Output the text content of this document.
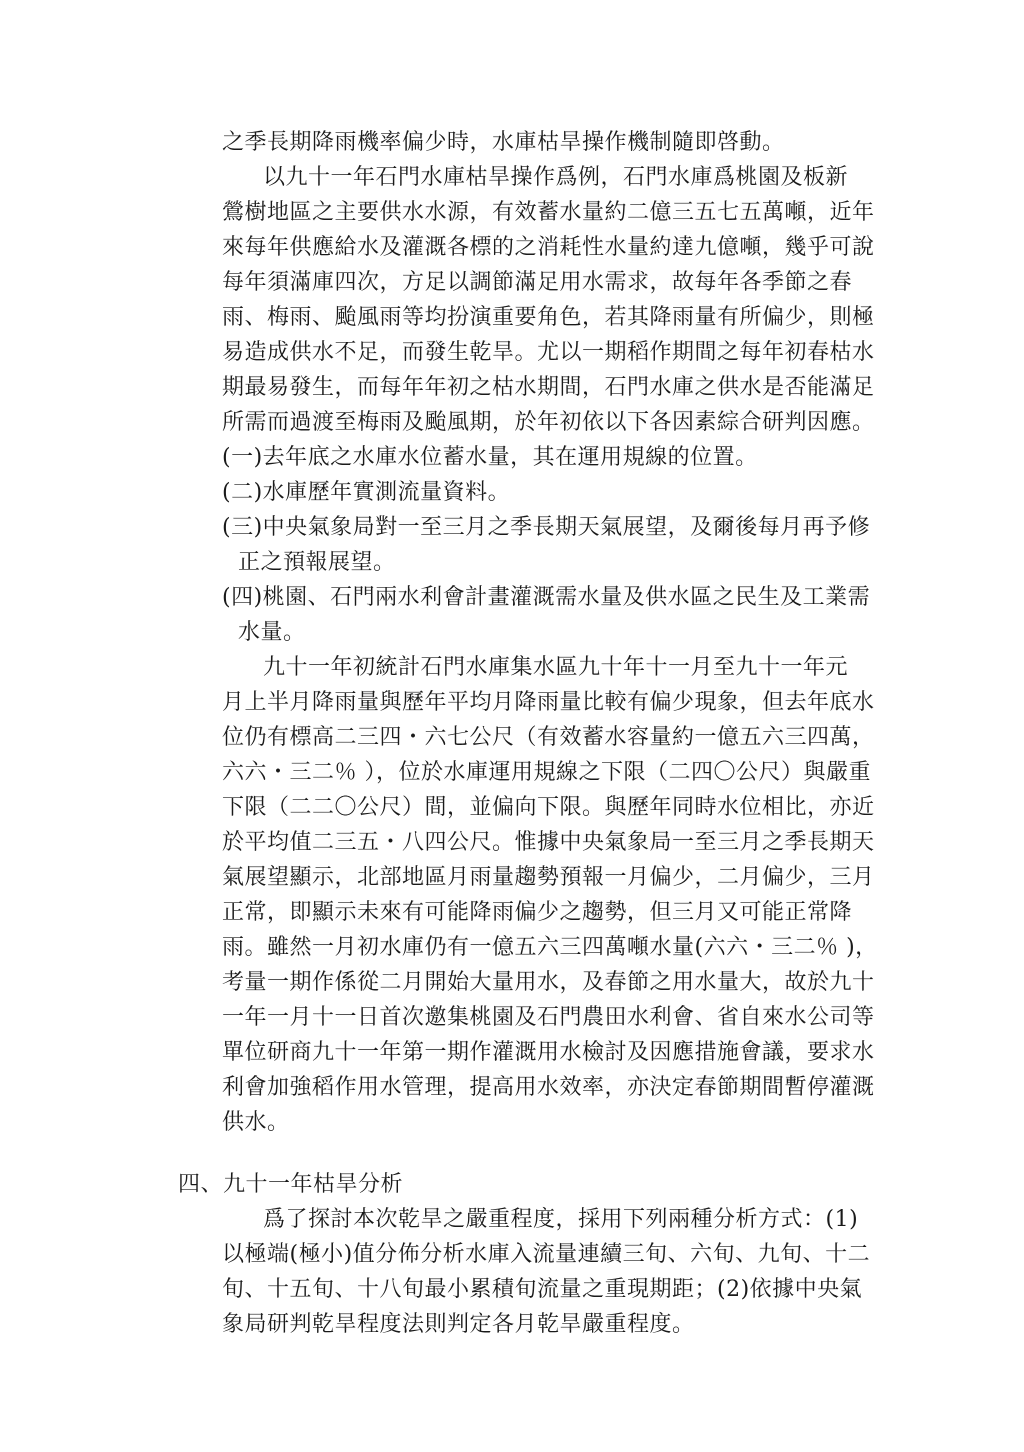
之季長期降雨機率偏少時，水庫枯旱操作機制隨即啓動。
以九十一年石門水庫枯旱操作爲例，石門水庫爲桃園及板新
鶯樹地區之主要供水水源，有效蓄水量約二億三五七五萬噸，近年
來每年供應給水及灌溉各標的之消耗性水量約達九億噸，幾乎可說
每年須滿庫四次，方足以調節滿足用水需求，故每年各季節之春
雨、梅雨、颱風雨等均扮演重要角色，若其降雨量有所偏少，則極
易造成供水不足，而發生乾旱。尤以一期稻作期間之每年初春枯水
期最易發生，而每年年初之枯水期間，石門水庫之供水是否能滿足
所需而過渡至梅雨及颱風期，於年初依以下各因素綜合研判因應。
(一)去年底之水庫水位蓄水量，其在運用規線的位置。
(二)水庫歷年實測流量資料。
(三)中央氣象局對一至三月之季長期天氣展望，及爾後每月再予修
正之預報展望。
(四)桃園、石門兩水利會計畫灌溉需水量及供水區之民生及工業需
水量。
九十一年初統計石門水庫集水區九十年十一月至九十一年元
月上半月降雨量與歷年平均月降雨量比較有偏少現象，但去年底水
位仍有標高二三四・六七公尺（有效蓄水容量約一億五六三四萬，
六六・三二％ ），位於水庫運用規線之下限（二四〇公尺）與嚴重
下限（二二〇公尺）間，並偏向下限。與歷年同時水位相比，亦近
於平均值二三五・八四公尺。惟據中央氣象局一至三月之季長期天
氣展望顯示，北部地區月雨量趨勢預報一月偏少，二月偏少，三月
正常，即顯示未來有可能降雨偏少之趨勢，但三月又可能正常降
雨。雖然一月初水庫仍有一億五六三四萬噸水量(六六・三二％ )，
考量一期作係從二月開始大量用水，及春節之用水量大，故於九十
一年一月十一日首次邀集桃園及石門農田水利會、省自來水公司等
單位研商九十一年第一期作灌溉用水檢討及因應措施會議，要求水
利會加強稻作用水管理，提高用水效率，亦決定春節期間暫停灌溉
供水。
四、九十一年枯旱分析
爲了探討本次乾旱之嚴重程度，採用下列兩種分析方式：(1)
以極端(極小)值分佈分析水庫入流量連續三旬、六旬、九旬、十二
旬、十五旬、十八旬最小累積旬流量之重現期距；(2)依據中央氣
象局研判乾旱程度法則判定各月乾旱嚴重程度。
